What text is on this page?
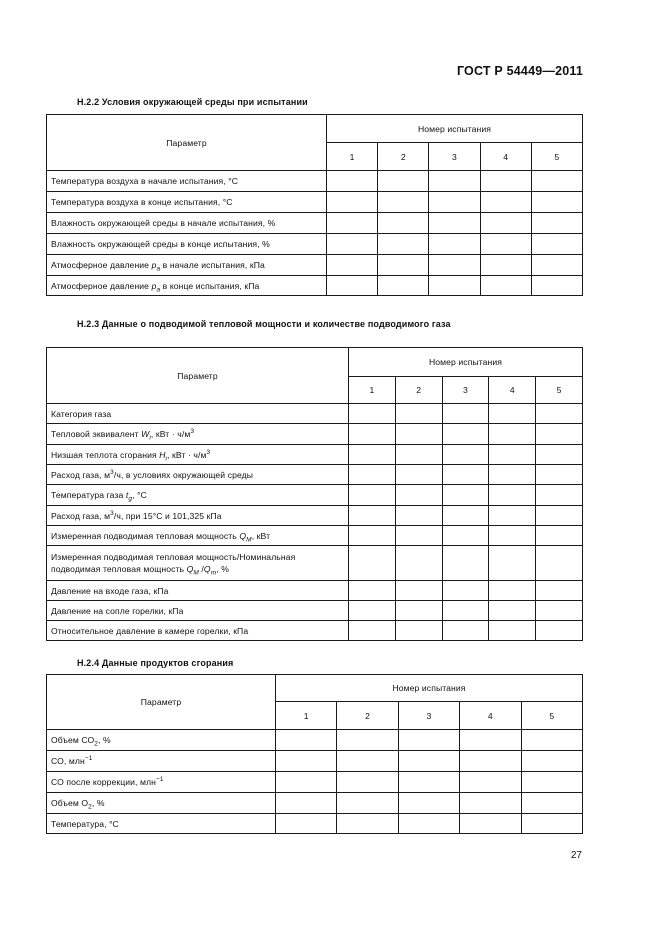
ГОСТ Р 54449—2011
Н.2.2 Условия окружающей среды при испытании
Параметр	Номер испытания				
	1	2	3	4	5
Температура воздуха в начале испытания, °С					
Температура воздуха в конце испытания, °С					
Влажность окружающей среды в начале испытания, %					
Влажность окружающей среды в конце испытания, %					
Атмосферное давление $p_a$ в начале испытания, кПа					
Атмосферное давление $p_a$ в конце испытания, кПа					
Н.2.3 Данные о подводимой тепловой мощности и количестве подводимого газа
Параметр	Номер испытания				
	1	2	3	4	5
Категория газа					
Тепловой эквивалент $W_i$, кВт · $ч/м^3$					
Низшая теплота сгорания $H_i$, кВт · $ч/м^3$					
Расход газа, $м^3/ч$, в условиях окружающей среды					
Температура газа $t_g$, °С					
Расход газа, $м^3/ч$, при 15°С и 101,325 кПа					
Измеренная подводимая тепловая мощность $Q_M$, кВт					
Измеренная подводимая тепловая мощность/Номинальная подводимая тепловая мощность $Q_M$ $/Q_m$, %					
Давление на входе газа, кПа					
Давление на сопле горелки, кПа					
Относительное давление в камере горелки, кПа					
Н.2.4 Данные продуктов сгорания
Параметр	Номер испытания				
	1	2	3	4	5
Объем $СО_2$, %					
СО, млн$^{-1}$					
СО после коррекции, млн$^{-1}$					
Объем $О_2$, %					
Температура, °С					
27
